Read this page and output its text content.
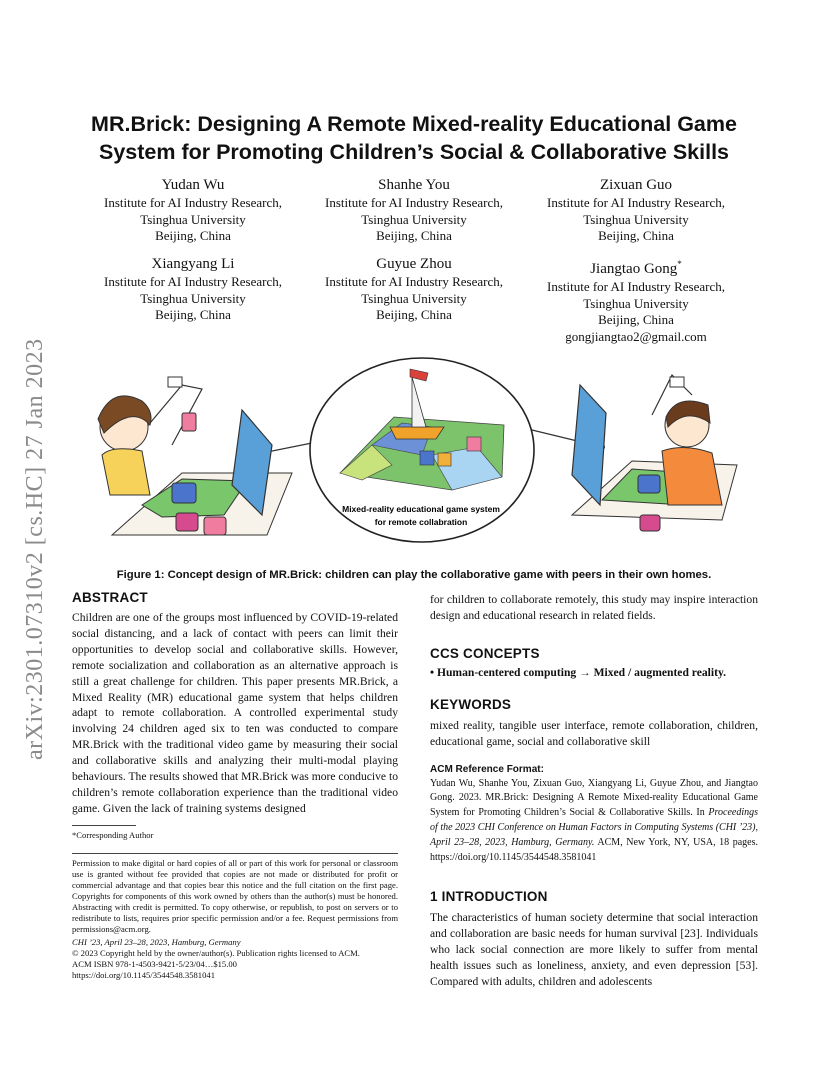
arXiv:2301.07310v2 [cs.HC] 27 Jan 2023
MR.Brick: Designing A Remote Mixed-reality Educational Game
System for Promoting Children’s Social & Collaborative Skills
Yudan Wu
Institute for AI Industry Research,
Tsinghua University
Beijing, China
Shanhe You
Institute for AI Industry Research,
Tsinghua University
Beijing, China
Zixuan Guo
Institute for AI Industry Research,
Tsinghua University
Beijing, China
Xiangyang Li
Institute for AI Industry Research,
Tsinghua University
Beijing, China
Guyue Zhou
Institute for AI Industry Research,
Tsinghua University
Beijing, China
Jiangtao Gong*
Institute for AI Industry Research,
Tsinghua University
Beijing, China
gongjiangtao2@gmail.com
Mixed-reality educational game system
for remote collabration
Figure 1: Concept design of MR.Brick: children can play the collaborative game with peers in their own homes.
ABSTRACT

Children are one of the groups most influenced by COVID-19-related social distancing, and a lack of contact with peers can limit their opportunities to develop social and collaborative skills. However, remote socialization and collaboration as an alternative approach is still a great challenge for children. This paper presents MR.Brick, a Mixed Reality (MR) educational game system that helps children adapt to remote collaboration. A controlled experimental study involving 24 children aged six to ten was conducted to compare MR.Brick with the traditional video game by measuring their social and collaborative skills and analyzing their multi-modal playing behaviours. The results showed that MR.Brick was more conducive to children’s remote collaboration experience than the traditional video game. Given the lack of training systems designed

*Corresponding Author
Permission to make digital or hard copies of all or part of this work for personal or classroom use is granted without fee provided that copies are not made or distributed for profit or commercial advantage and that copies bear this notice and the full citation on the first page. Copyrights for components of this work owned by others than the author(s) must be honored. Abstracting with credit is permitted. To copy otherwise, or republish, to post on servers or to redistribute to lists, requires prior specific permission and/or a fee. Request permissions from permissions@acm.org.
CHI ’23, April 23–28, 2023, Hamburg, Germany
© 2023 Copyright held by the owner/author(s). Publication rights licensed to ACM.
ACM ISBN 978-1-4503-9421-5/23/04…$15.00
https://doi.org/10.1145/3544548.3581041

for children to collaborate remotely, this study may inspire interaction design and educational research in related fields.

CCS CONCEPTS
• Human-centered computing → Mixed / augmented reality.
KEYWORDS

mixed reality, tangible user interface, remote collaboration, children, educational game, social and collaborative skill

ACM Reference Format:
Yudan Wu, Shanhe You, Zixuan Guo, Xiangyang Li, Guyue Zhou, and Jiangtao Gong. 2023. MR.Brick: Designing A Remote Mixed-reality Educational Game System for Promoting Children’s Social & Collaborative Skills. In Proceedings of the 2023 CHI Conference on Human Factors in Computing Systems (CHI ’23), April 23–28, 2023, Hamburg, Germany. ACM, New York, NY, USA, 18 pages. https://doi.org/10.1145/3544548.3581041
1 INTRODUCTION

The characteristics of human society determine that social interaction and collaboration are basic needs for human survival [23]. Individuals who lack social connection are more likely to suffer from mental health issues such as loneliness, anxiety, and even depression [53]. Compared with adults, children and adolescents
